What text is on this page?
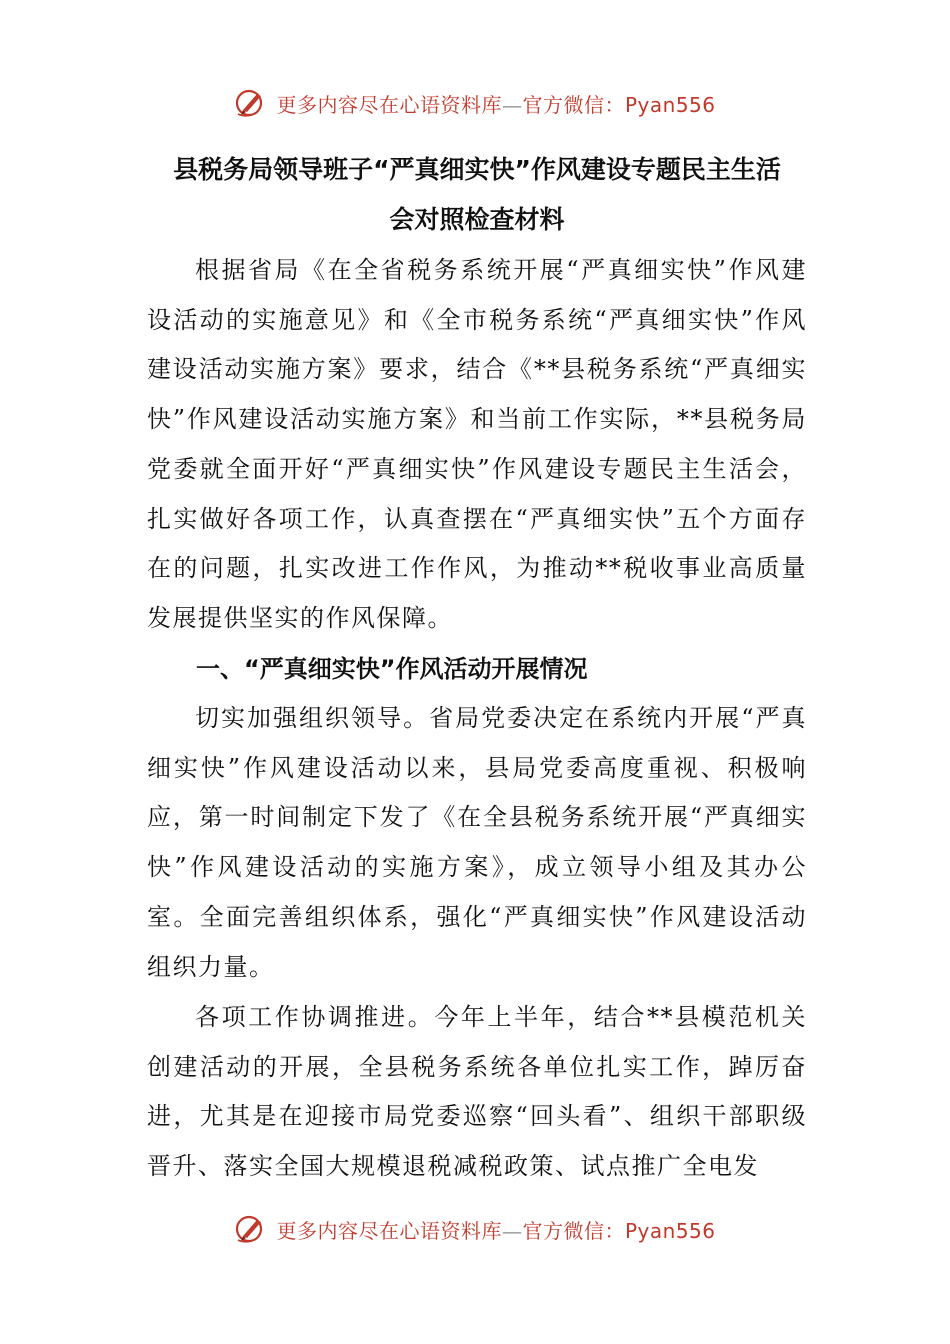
更多内容尽在心语资料库—官方微信：Pyan556
县税务局领导班子“严真细实快”作风建设专题民主生活
会对照检查材料

根据省局《在全省税务系统开展“严真细实快”作风建设活动的实施意见》和《全市税务系统“严真细实快”作风建设活动实施方案》要求，结合《**县税务系统“严真细实快”作风建设活动实施方案》和当前工作实际，**县税务局党委就全面开好“严真细实快”作风建设专题民主生活会，扎实做好各项工作，认真查摆在“严真细实快”五个方面存在的问题，扎实改进工作作风，为推动**税收事业高质量发展提供坚实的作风保障。

一、“严真细实快”作风活动开展情况

切实加强组织领导。省局党委决定在系统内开展“严真细实快”作风建设活动以来，县局党委高度重视、积极响应，第一时间制定下发了《在全县税务系统开展“严真细实快”作风建设活动的实施方案》，成立领导小组及其办公室。全面完善组织体系，强化“严真细实快”作风建设活动组织力量。

各项工作协调推进。今年上半年，结合**县模范机关创建活动的开展，全县税务系统各单位扎实工作，踔厉奋进，尤其是在迎接市局党委巡察“回头看”、组织干部职级晋升、落实全国大规模退税减税政策、试点推广全电发

更多内容尽在心语资料库—官方微信：Pyan556
